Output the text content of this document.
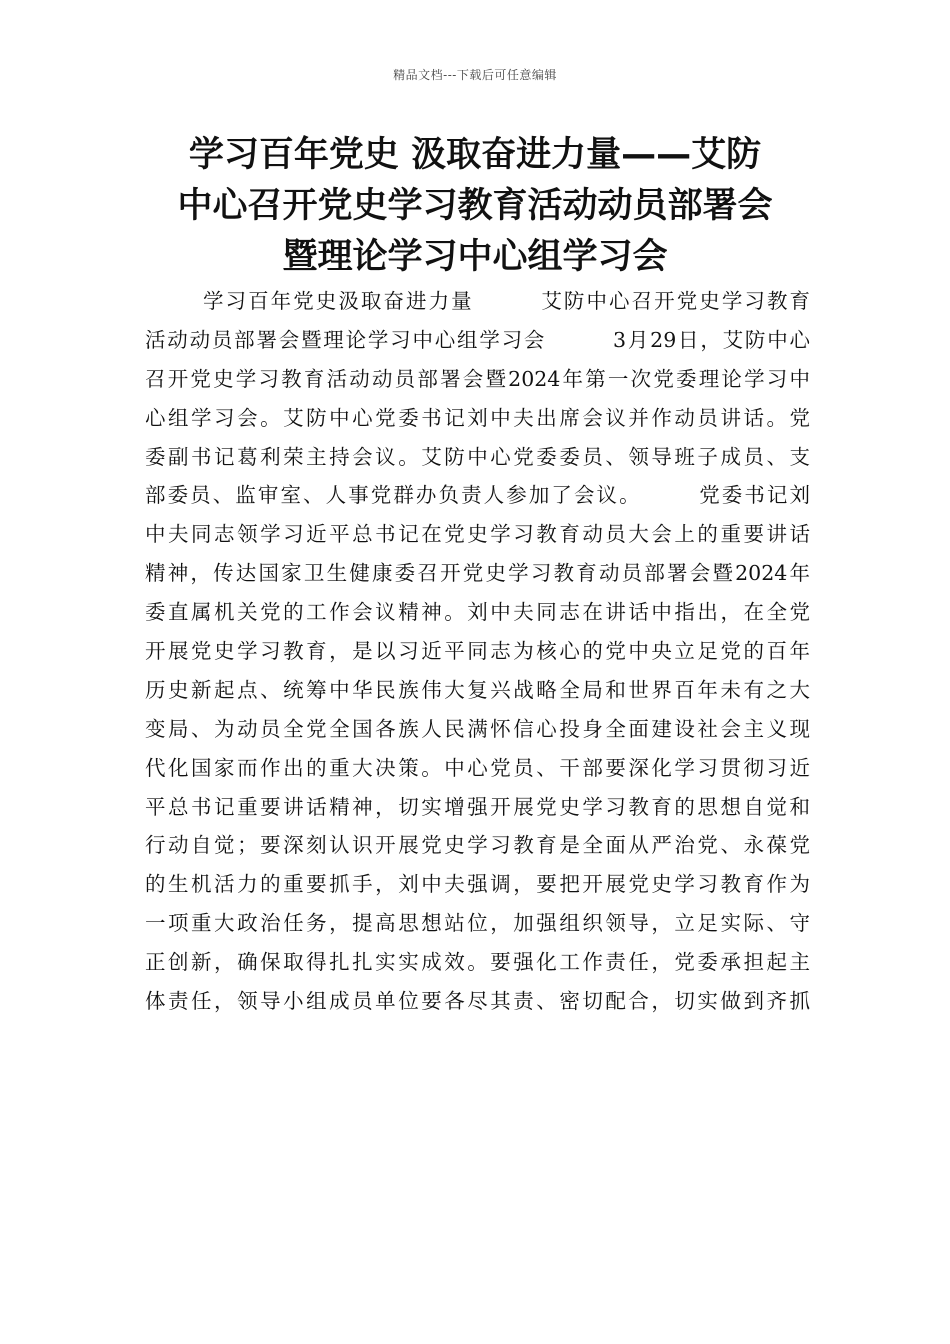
精品文档---下载后可任意编辑
学习百年党史 汲取奋进力量——艾防
中心召开党史学习教育活动动员部署会
暨理论学习中心组学习会
学习百年党史汲取奋进力量　　　艾防中心召开党史学习教育
活动动员部署会暨理论学习中心组学习会　　　3月29日，艾防中心
召开党史学习教育活动动员部署会暨2024年第一次党委理论学习中
心组学习会。艾防中心党委书记刘中夫出席会议并作动员讲话。党
委副书记葛利荣主持会议。艾防中心党委委员、领导班子成员、支
部委员、监审室、人事党群办负责人参加了会议。　　　党委书记刘
中夫同志领学习近平总书记在党史学习教育动员大会上的重要讲话
精神，传达国家卫生健康委召开党史学习教育动员部署会暨2024年
委直属机关党的工作会议精神。刘中夫同志在讲话中指出，在全党
开展党史学习教育，是以习近平同志为核心的党中央立足党的百年
历史新起点、统筹中华民族伟大复兴战略全局和世界百年未有之大
变局、为动员全党全国各族人民满怀信心投身全面建设社会主义现
代化国家而作出的重大决策。中心党员、干部要深化学习贯彻习近
平总书记重要讲话精神，切实增强开展党史学习教育的思想自觉和
行动自觉；要深刻认识开展党史学习教育是全面从严治党、永葆党
的生机活力的重要抓手，刘中夫强调，要把开展党史学习教育作为
一项重大政治任务，提高思想站位，加强组织领导，立足实际、守
正创新，确保取得扎扎实实成效。要强化工作责任，党委承担起主
体责任，领导小组成员单位要各尽其责、密切配合，切实做到齐抓
